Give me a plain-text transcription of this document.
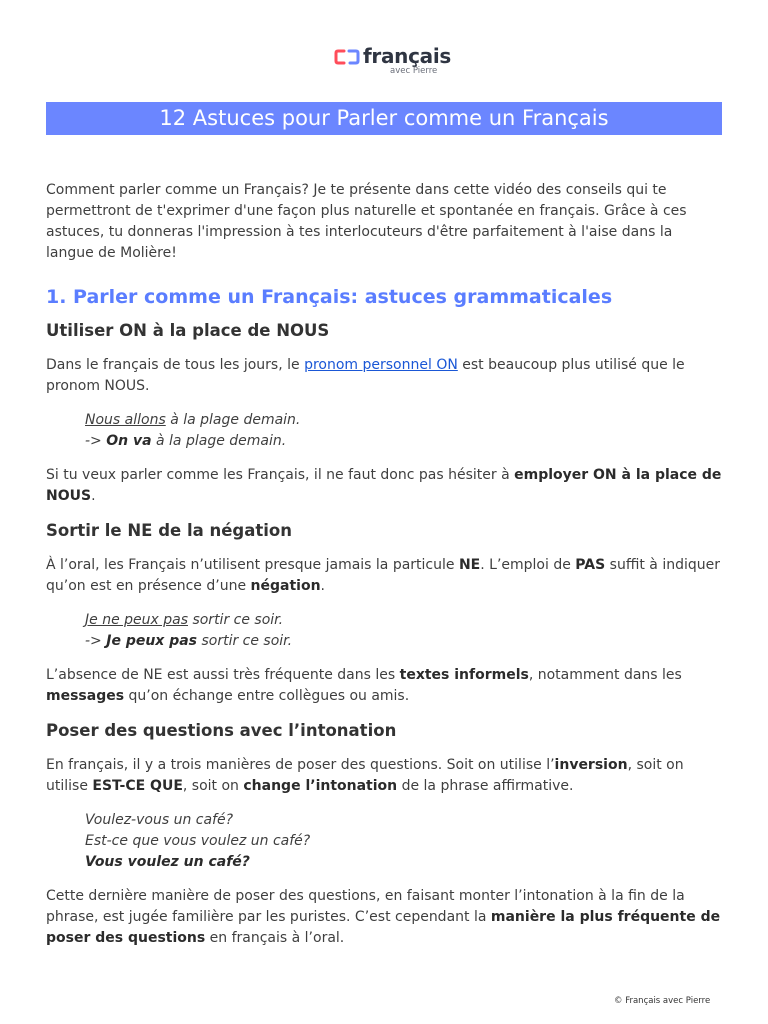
français
avec Pierre
12 Astuces pour Parler comme un Français

Comment parler comme un Français? Je te présente dans cette vidéo des conseils qui te permettront de t'exprimer d'une façon plus naturelle et spontanée en français. Grâce à ces astuces, tu donneras l'impression à tes interlocuteurs d'être parfaitement à l'aise dans la langue de Molière!

1. Parler comme un Français: astuces grammaticales
Utiliser ON à la place de NOUS

Dans le français de tous les jours, le pronom personnel ON est beaucoup plus utilisé que le pronom NOUS.

Nous allons à la plage demain.
-> On va à la plage demain.

Si tu veux parler comme les Français, il ne faut donc pas hésiter à employer ON à la place de NOUS.

Sortir le NE de la négation

À l’oral, les Français n’utilisent presque jamais la particule NE. L’emploi de PAS suffit à indiquer qu’on est en présence d’une négation.

Je ne peux pas sortir ce soir.
-> Je peux pas sortir ce soir.

L’absence de NE est aussi très fréquente dans les textes informels, notamment dans les messages qu’on échange entre collègues ou amis.

Poser des questions avec l’intonation

En français, il y a trois manières de poser des questions. Soit on utilise l’inversion, soit on utilise EST-CE QUE, soit on change l’intonation de la phrase affirmative.

Voulez-vous un café?
Est-ce que vous voulez un café?
Vous voulez un café?

Cette dernière manière de poser des questions, en faisant monter l’intonation à la fin de la phrase, est jugée familière par les puristes. C’est cependant la manière la plus fréquente de poser des questions en français à l’oral.

© Français avec Pierre
